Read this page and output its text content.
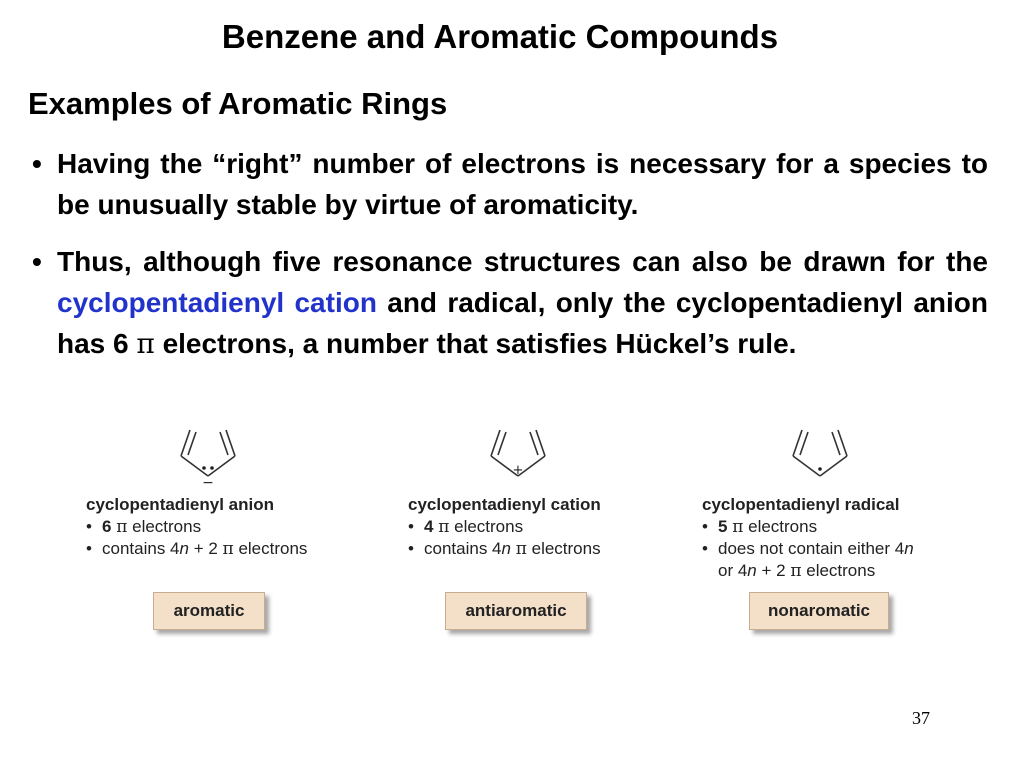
Benzene and Aromatic Compounds
Examples of Aromatic Rings
• Having the “right” number of electrons is necessary for a species to be unusually stable by virtue of aromaticity.
• Thus, although five resonance structures can also be drawn for the cyclopentadienyl cation and radical, only the cyclopentadienyl anion has 6 π electrons, a number that satisfies Hückel’s rule.
−
+
cyclopentadienyl anion
• 6 π electrons
• contains 4n + 2 π electrons
cyclopentadienyl cation
• 4 π electrons
• contains 4n π electrons
cyclopentadienyl radical
• 5 π electrons
• does not contain either 4n
or 4n + 2 π electrons
aromatic	antiaromatic	nonaromatic
37
